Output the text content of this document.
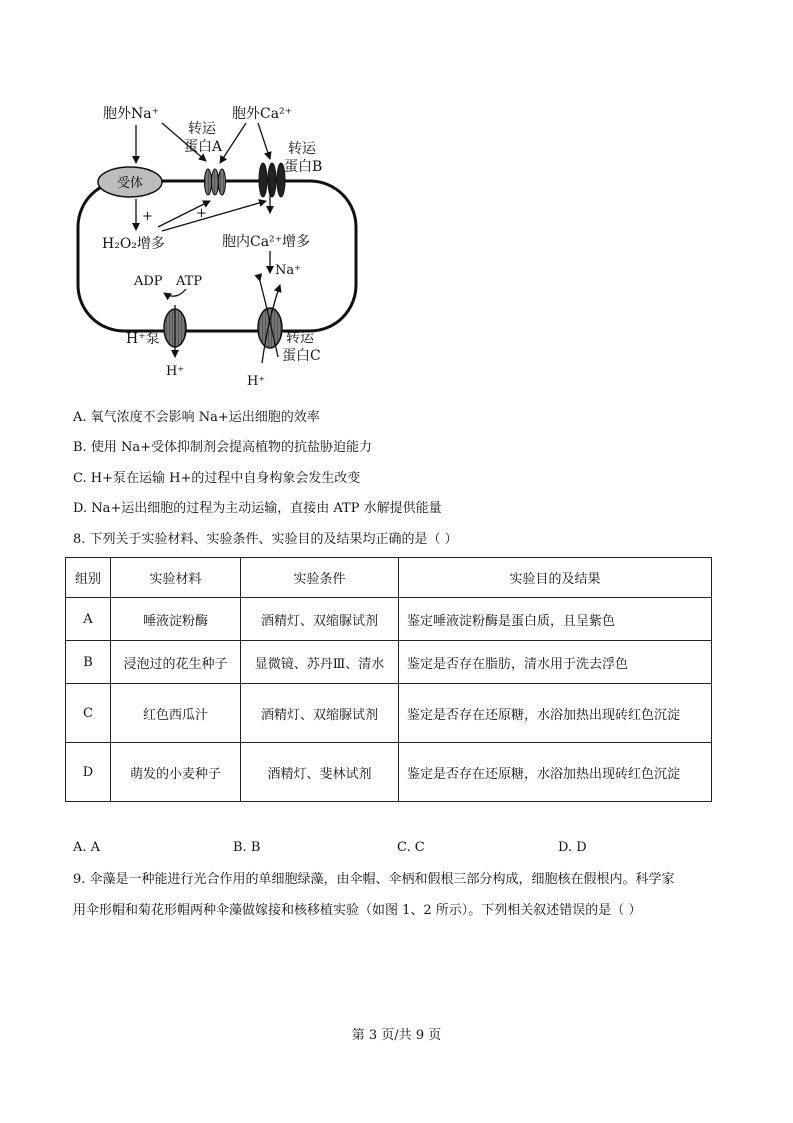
受体
胞外Na⁺	胞外Ca²⁺
转运
蛋白A	转运
蛋白B
+
H₂O₂增多
+
胞内Ca²⁺增多
Na⁺
ADP ATP
H⁺泵
H⁺
H⁺
转运
蛋白C
A. 氧气浓度不会影响 Na+运出细胞的效率
B. 使用 Na+受体抑制剂会提高植物的抗盐胁迫能力
C. H+泵在运输 H+的过程中自身构象会发生改变
D. Na+运出细胞的过程为主动运输，直接由 ATP 水解提供能量
8. 下列关于实验材料、实验条件、实验目的及结果均正确的是（ ）
组别	实验材料	实验条件	实验目的及结果
A	唾液淀粉酶	酒精灯、双缩脲试剂	鉴定唾液淀粉酶是蛋白质，且呈紫色
B	浸泡过的花生种子	显微镜、苏丹Ⅲ、清水	鉴定是否存在脂肪，清水用于洗去浮色
C	红色西瓜汁	酒精灯、双缩脲试剂	鉴定是否存在还原糖，水浴加热出现砖红色沉淀
D	萌发的小麦种子	酒精灯、斐林试剂	鉴定是否存在还原糖，水浴加热出现砖红色沉淀
A. A	B. B	C. C	D. D
9. 伞藻是一种能进行光合作用的单细胞绿藻，由伞帽、伞柄和假根三部分构成，细胞核在假根内。科学家
用伞形帽和菊花形帽两种伞藻做嫁接和核移植实验（如图 1、2 所示）。下列相关叙述错误的是（ ）
第 3 页/共 9 页
